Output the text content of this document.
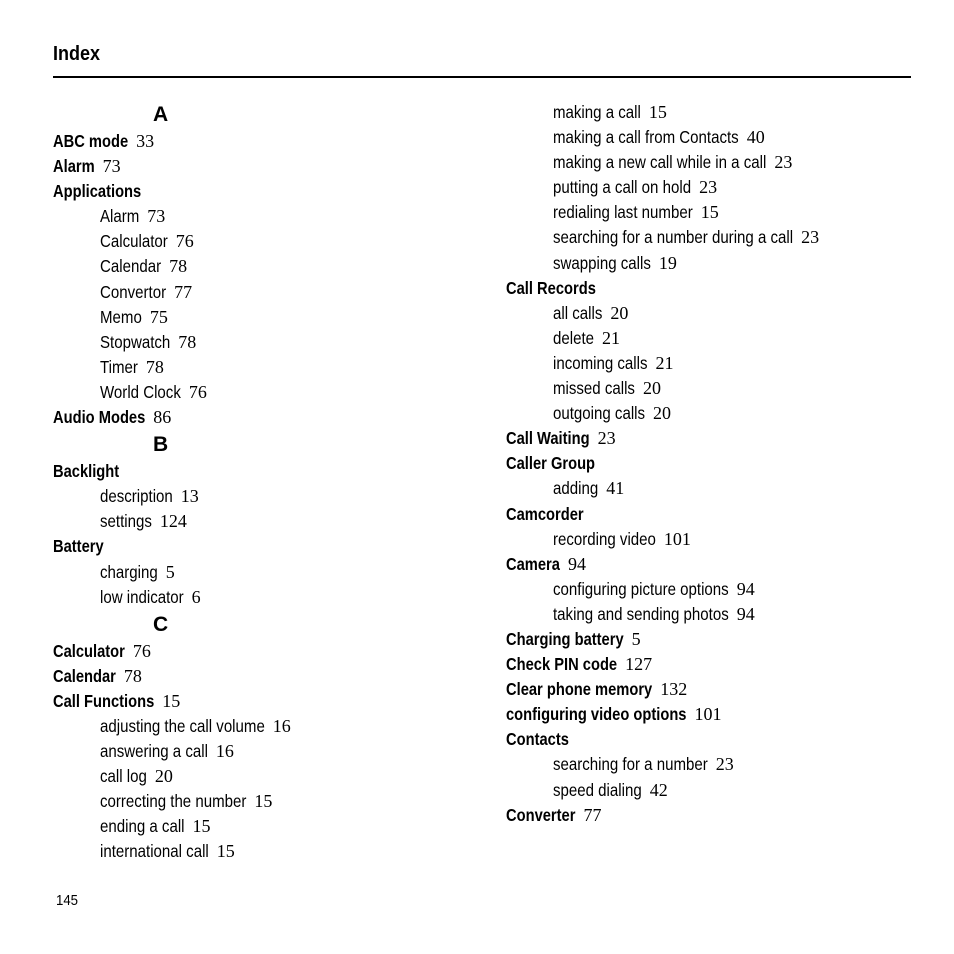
Index
A
ABC mode 33
Alarm 73
Applications
Alarm 73
Calculator 76
Calendar 78
Convertor 77
Memo 75
Stopwatch 78
Timer 78
World Clock 76
Audio Modes 86
B
Backlight
description 13
settings 124
Battery
charging 5
low indicator 6
C
Calculator 76
Calendar 78
Call Functions 15
adjusting the call volume 16
answering a call 16
call log 20
correcting the number 15
ending a call 15
international call 15
making a call 15
making a call from Contacts 40
making a new call while in a call 23
putting a call on hold 23
redialing last number 15
searching for a number during a call 23
swapping calls 19
Call Records
all calls 20
delete 21
incoming calls 21
missed calls 20
outgoing calls 20
Call Waiting 23
Caller Group
adding 41
Camcorder
recording video 101
Camera 94
configuring picture options 94
taking and sending photos 94
Charging battery 5
Check PIN code 127
Clear phone memory 132
configuring video options 101
Contacts
searching for a number 23
speed dialing 42
Converter 77
145
